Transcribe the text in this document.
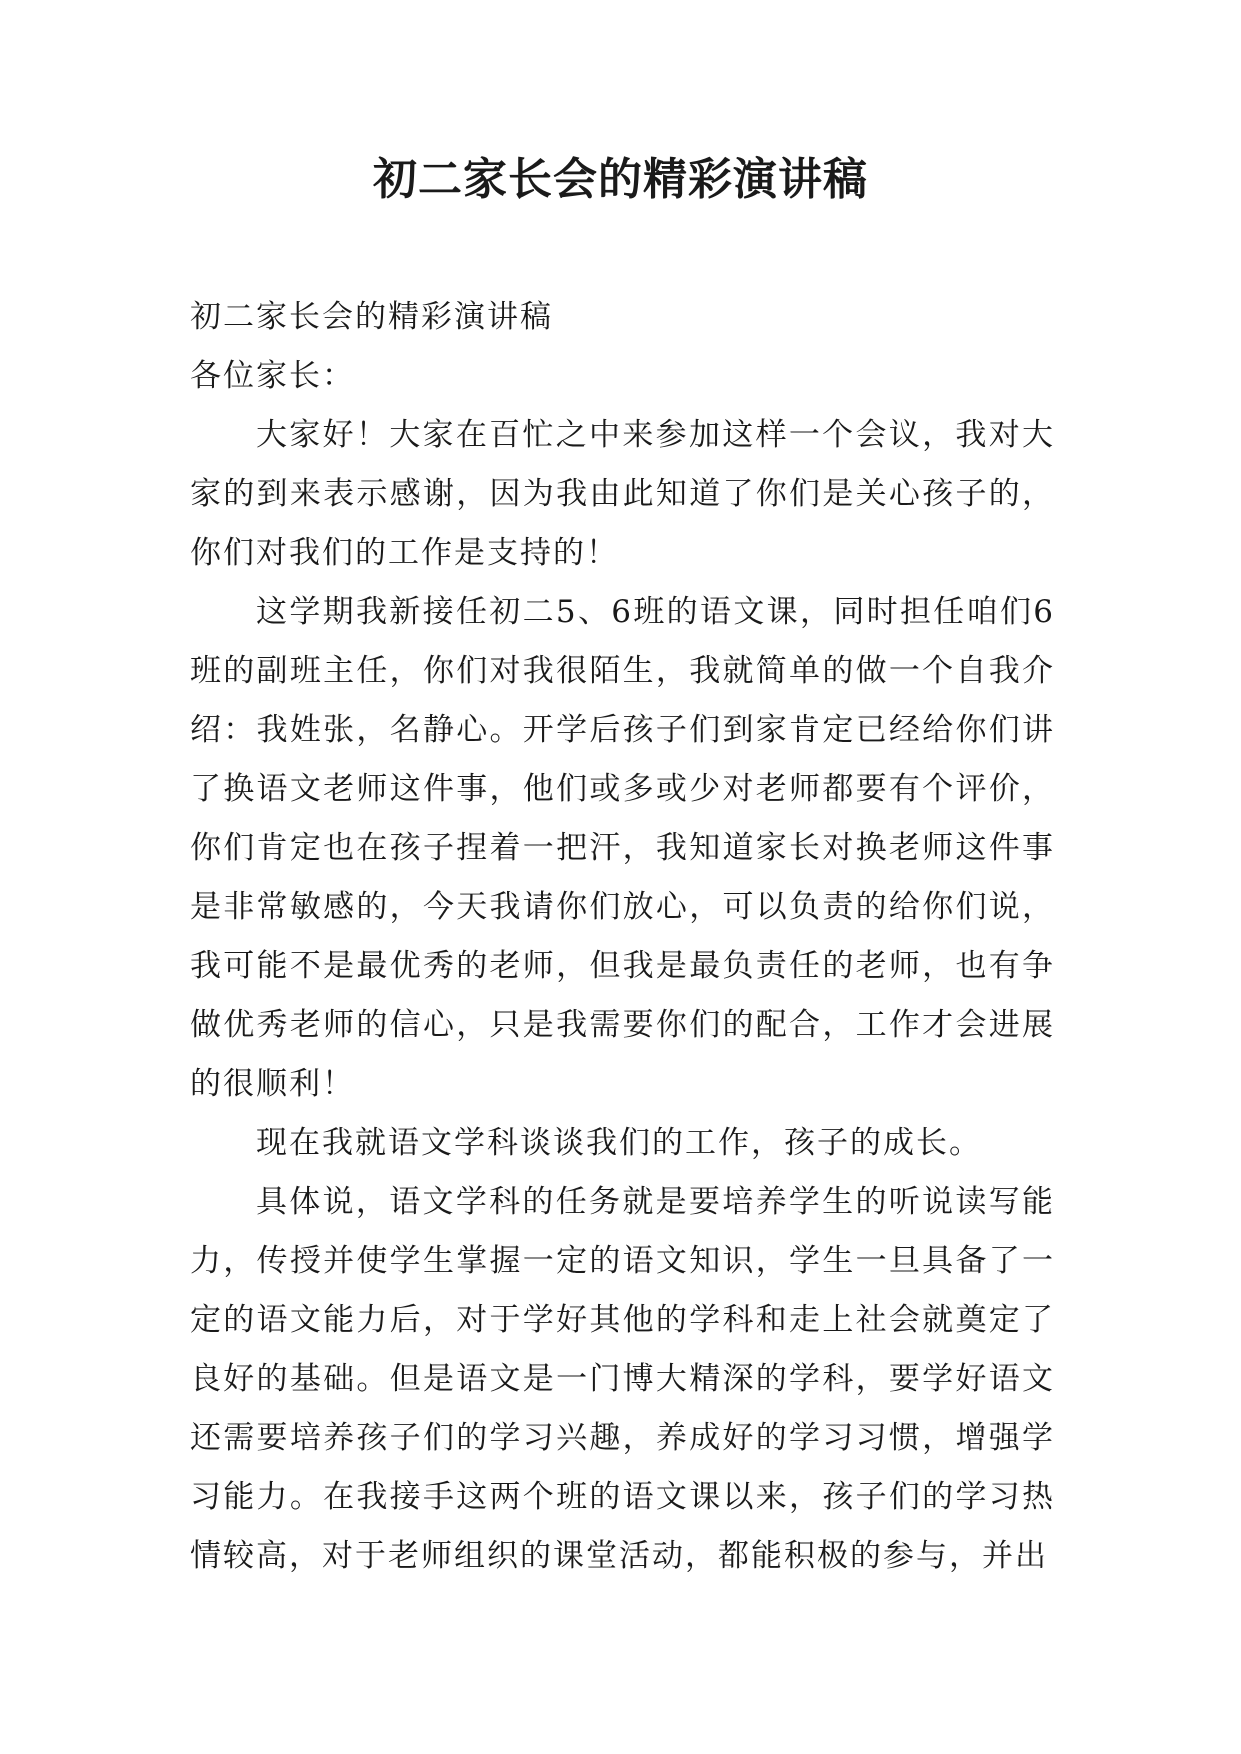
初二家长会的精彩演讲稿

初二家长会的精彩演讲稿

各位家长：

大家好！大家在百忙之中来参加这样一个会议，我对大家的到来表示感谢，因为我由此知道了你们是关心孩子的，你们对我们的工作是支持的！

这学期我新接任初二5、6班的语文课，同时担任咱们6班的副班主任，你们对我很陌生，我就简单的做一个自我介绍：我姓张，名静心。开学后孩子们到家肯定已经给你们讲了换语文老师这件事，他们或多或少对老师都要有个评价，你们肯定也在孩子捏着一把汗，我知道家长对换老师这件事是非常敏感的，今天我请你们放心，可以负责的给你们说，我可能不是最优秀的老师，但我是最负责任的老师，也有争做优秀老师的信心，只是我需要你们的配合，工作才会进展的很顺利！

现在我就语文学科谈谈我们的工作，孩子的成长。

具体说，语文学科的任务就是要培养学生的听说读写能力，传授并使学生掌握一定的语文知识，学生一旦具备了一定的语文能力后，对于学好其他的学科和走上社会就奠定了良好的基础。但是语文是一门博大精深的学科，要学好语文还需要培养孩子们的学习兴趣，养成好的学习习惯，增强学习能力。在我接手这两个班的语文课以来，孩子们的学习热情较高，对于老师组织的课堂活动，都能积极的参与，并出
